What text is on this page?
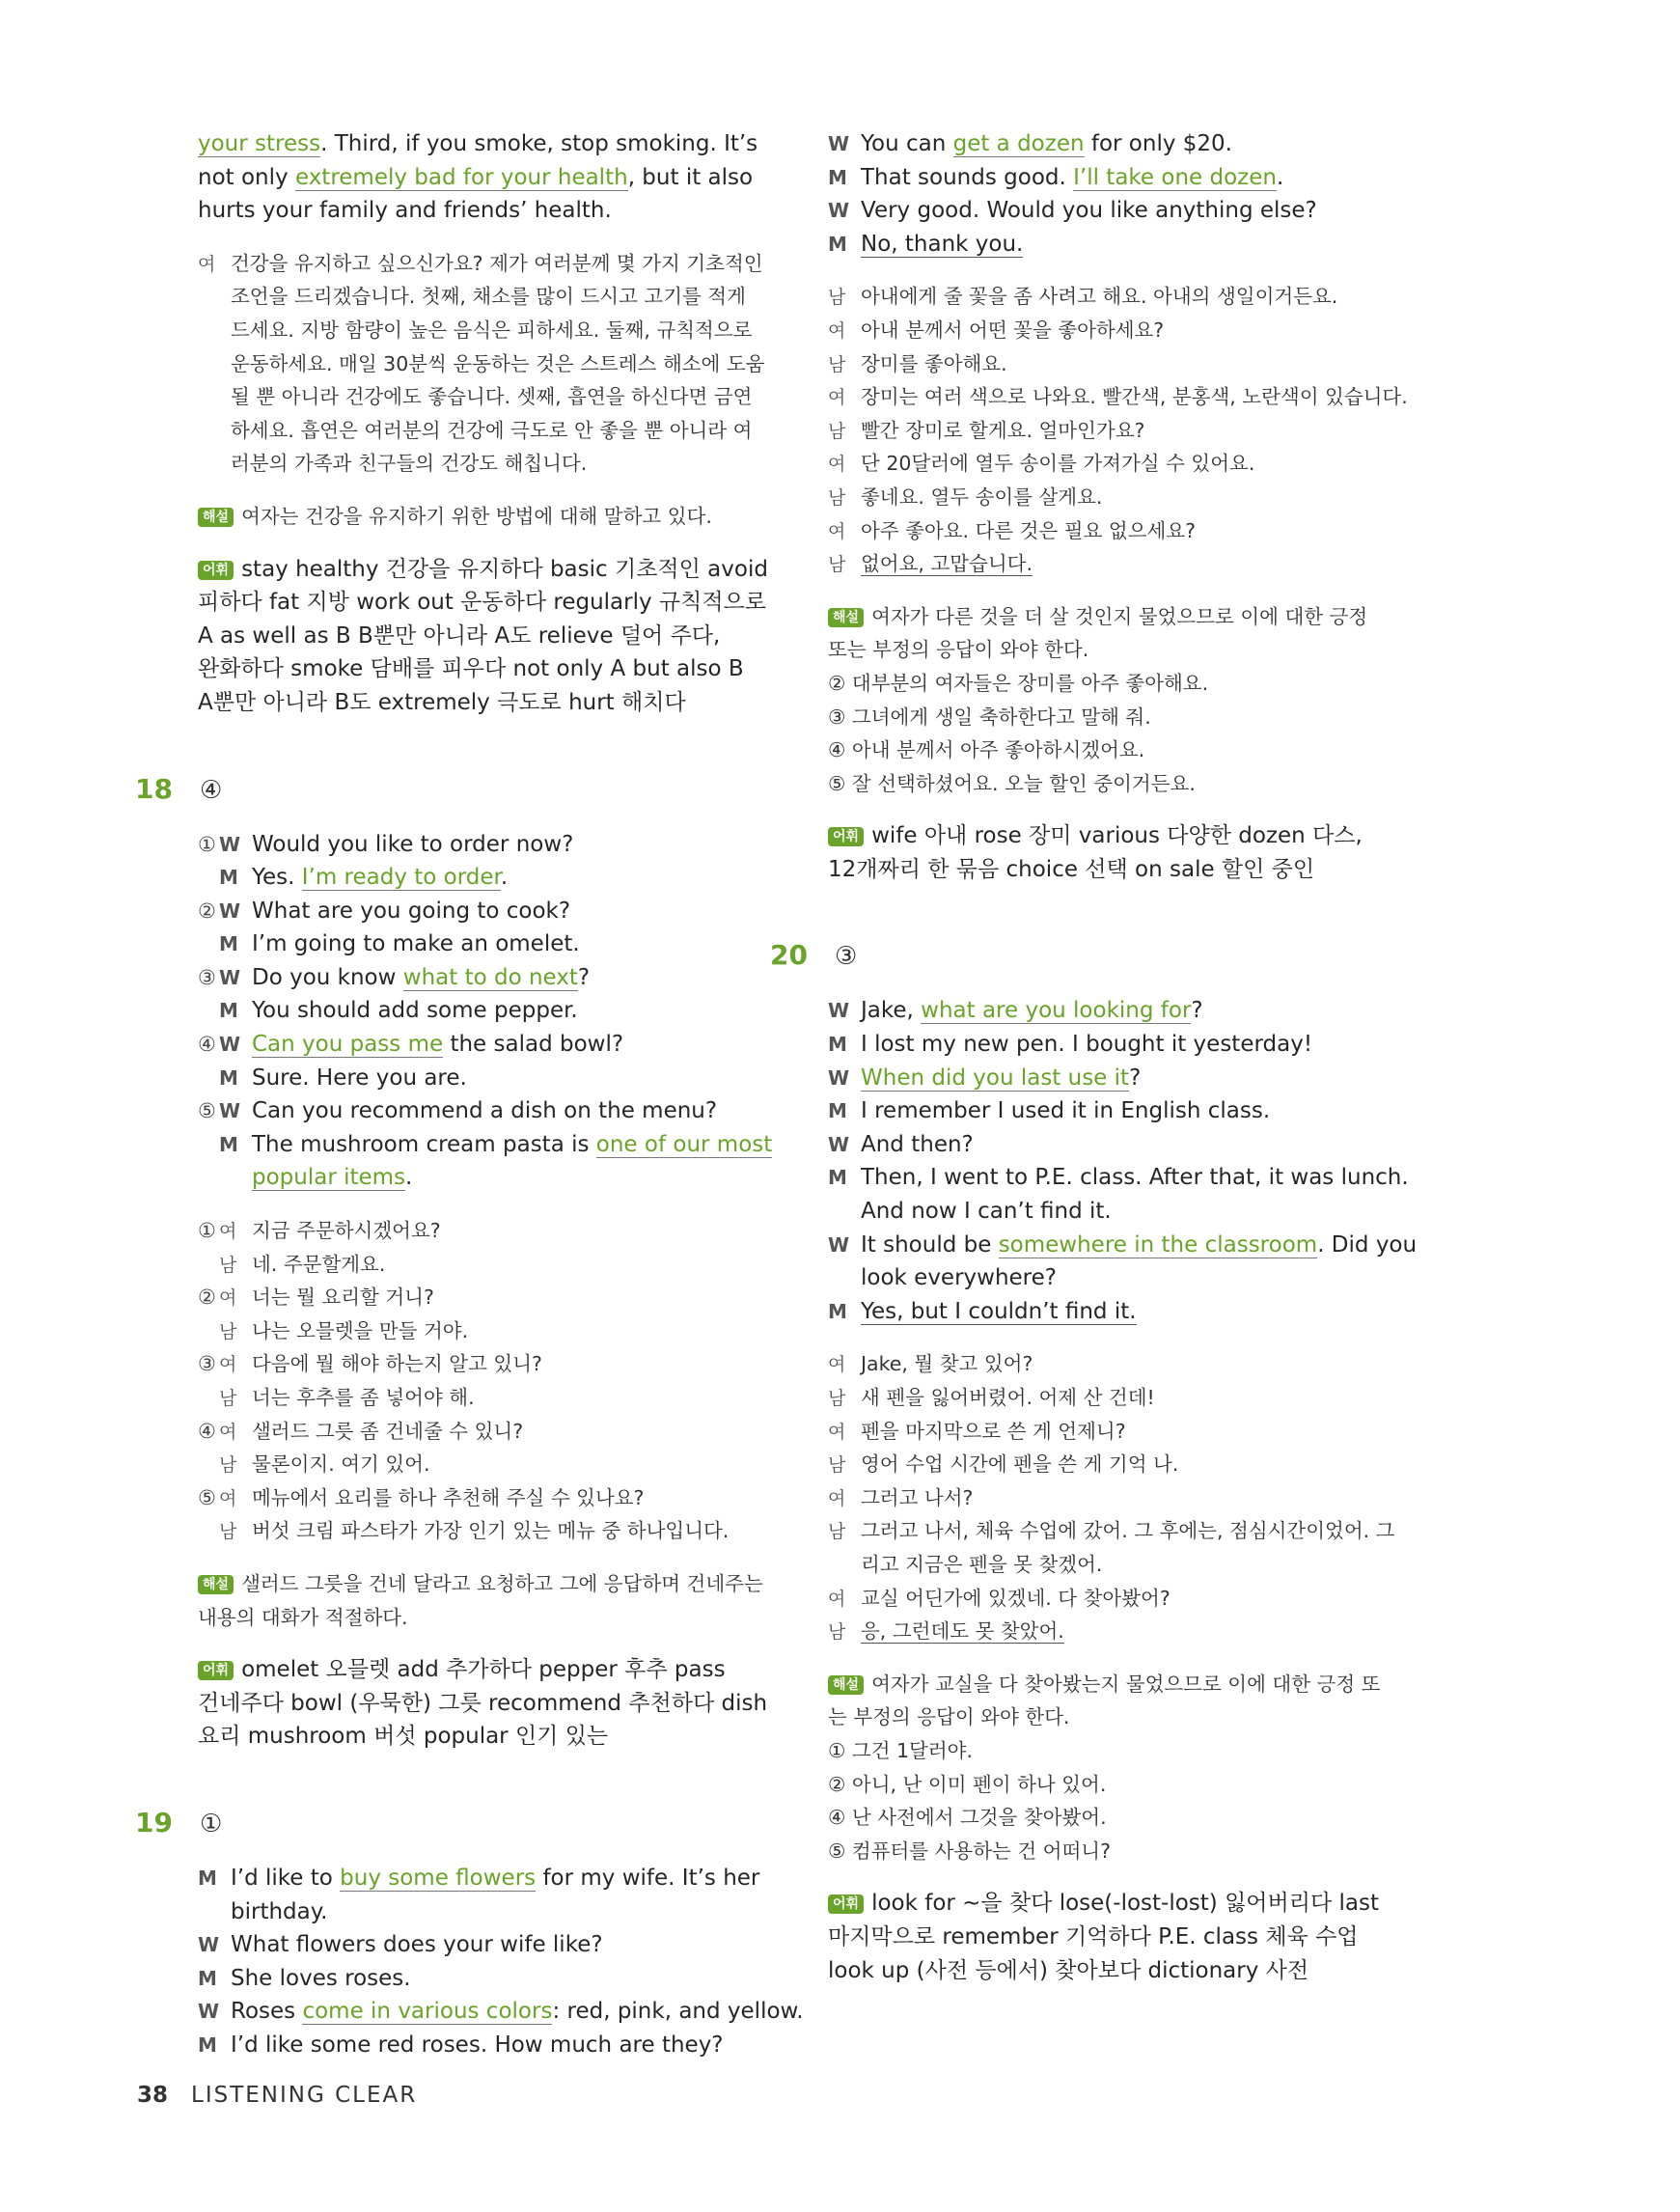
your stress. Third, if you smoke, stop smoking. It’s
not only extremely bad for your health, but it also
hurts your family and friends’ health.
여 건강을 유지하고 싶으신가요? 제가 여러분께 몇 가지 기초적인
조언을 드리겠습니다. 첫째, 채소를 많이 드시고 고기를 적게
드세요. 지방 함량이 높은 음식은 피하세요. 둘째, 규칙적으로
운동하세요. 매일 30분씩 운동하는 것은 스트레스 해소에 도움
될 뿐 아니라 건강에도 좋습니다. 셋째, 흡연을 하신다면 금연
하세요. 흡연은 여러분의 건강에 극도로 안 좋을 뿐 아니라 여
러분의 가족과 친구들의 건강도 해칩니다.
해설 여자는 건강을 유지하기 위한 방법에 대해 말하고 있다.
어휘 stay healthy 건강을 유지하다 basic 기초적인 avoid
피하다 fat 지방 work out 운동하다 regularly 규칙적으로
A as well as B B뿐만 아니라 A도 relieve 덜어 주다,
완화하다 smoke 담배를 피우다 not only A but also B
A뿐만 아니라 B도 extremely 극도로 hurt 해치다
18 ④
① W Would you like to order now?
M Yes. I’m ready to order.
② W What are you going to cook?
M I’m going to make an omelet.
③ W Do you know what to do next?
M You should add some pepper.
④ W Can you pass me the salad bowl?
M Sure. Here you are.
⑤ W Can you recommend a dish on the menu?
M The mushroom cream pasta is one of our most
popular items.
① 여 지금 주문하시겠어요?
남 네. 주문할게요.
② 여 너는 뭘 요리할 거니?
남 나는 오믈렛을 만들 거야.
③ 여 다음에 뭘 해야 하는지 알고 있니?
남 너는 후추를 좀 넣어야 해.
④ 여 샐러드 그릇 좀 건네줄 수 있니?
남 물론이지. 여기 있어.
⑤ 여 메뉴에서 요리를 하나 추천해 주실 수 있나요?
남 버섯 크림 파스타가 가장 인기 있는 메뉴 중 하나입니다.
해설 샐러드 그릇을 건네 달라고 요청하고 그에 응답하며 건네주는
내용의 대화가 적절하다.
어휘 omelet 오믈렛 add 추가하다 pepper 후추 pass
건네주다 bowl (우묵한) 그릇 recommend 추천하다 dish
요리 mushroom 버섯 popular 인기 있는
19 ①
M I’d like to buy some flowers for my wife. It’s her
birthday.
W What flowers does your wife like?
M She loves roses.
W Roses come in various colors: red, pink, and yellow.
M I’d like some red roses. How much are they?
W You can get a dozen for only $20.
M That sounds good. I’ll take one dozen.
W Very good. Would you like anything else?
M No, thank you.
남 아내에게 줄 꽃을 좀 사려고 해요. 아내의 생일이거든요.
여 아내 분께서 어떤 꽃을 좋아하세요?
남 장미를 좋아해요.
여 장미는 여러 색으로 나와요. 빨간색, 분홍색, 노란색이 있습니다.
남 빨간 장미로 할게요. 얼마인가요?
여 단 20달러에 열두 송이를 가져가실 수 있어요.
남 좋네요. 열두 송이를 살게요.
여 아주 좋아요. 다른 것은 필요 없으세요?
남 없어요, 고맙습니다.
해설 여자가 다른 것을 더 살 것인지 물었으므로 이에 대한 긍정
또는 부정의 응답이 와야 한다.
② 대부분의 여자들은 장미를 아주 좋아해요.
③ 그녀에게 생일 축하한다고 말해 줘.
④ 아내 분께서 아주 좋아하시겠어요.
⑤ 잘 선택하셨어요. 오늘 할인 중이거든요.
어휘 wife 아내 rose 장미 various 다양한 dozen 다스,
12개짜리 한 묶음 choice 선택 on sale 할인 중인
20 ③
W Jake, what are you looking for?
M I lost my new pen. I bought it yesterday!
W When did you last use it?
M I remember I used it in English class.
W And then?
M Then, I went to P.E. class. After that, it was lunch.
And now I can’t find it.
W It should be somewhere in the classroom. Did you
look everywhere?
M Yes, but I couldn’t find it.
여 Jake, 뭘 찾고 있어?
남 새 펜을 잃어버렸어. 어제 산 건데!
여 펜을 마지막으로 쓴 게 언제니?
남 영어 수업 시간에 펜을 쓴 게 기억 나.
여 그러고 나서?
남 그러고 나서, 체육 수업에 갔어. 그 후에는, 점심시간이었어. 그
리고 지금은 펜을 못 찾겠어.
여 교실 어딘가에 있겠네. 다 찾아봤어?
남 응, 그런데도 못 찾았어.
해설 여자가 교실을 다 찾아봤는지 물었으므로 이에 대한 긍정 또
는 부정의 응답이 와야 한다.
① 그건 1달러야.
② 아니, 난 이미 펜이 하나 있어.
④ 난 사전에서 그것을 찾아봤어.
⑤ 컴퓨터를 사용하는 건 어떠니?
어휘 look for ~을 찾다 lose(-lost-lost) 잃어버리다 last
마지막으로 remember 기억하다 P.E. class 체육 수업
look up (사전 등에서) 찾아보다 dictionary 사전
38 LISTENING CLEAR
